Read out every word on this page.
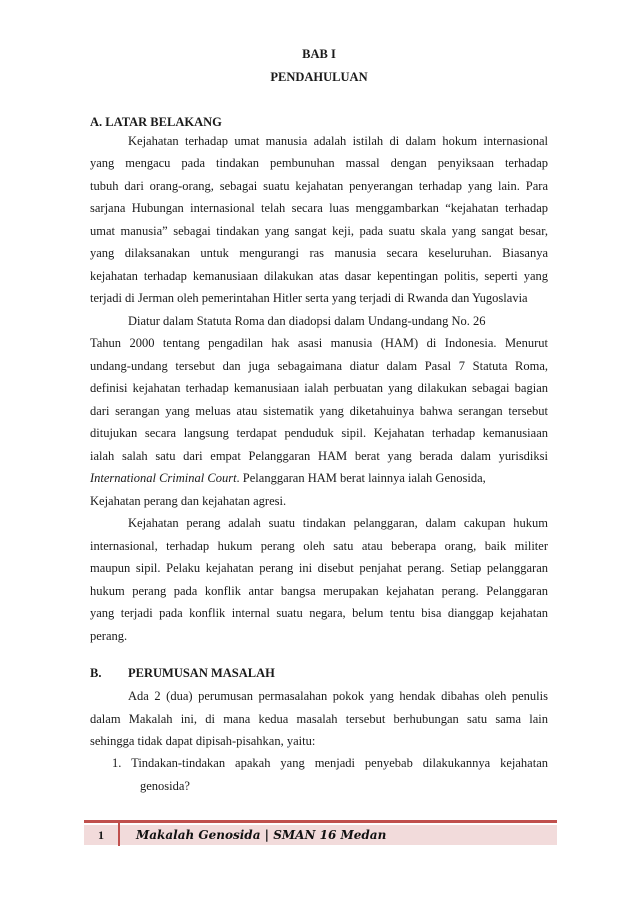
BAB I
PENDAHULUAN
A. LATAR BELAKANG
Kejahatan terhadap umat manusia adalah istilah di dalam hokum internasional
yang mengacu pada tindakan pembunuhan massal dengan penyiksaan terhadap
tubuh dari orang-orang, sebagai suatu kejahatan penyerangan terhadap yang lain. Para
sarjana Hubungan internasional telah secara luas menggambarkan “kejahatan terhadap
umat manusia” sebagai tindakan yang sangat keji, pada suatu skala yang sangat besar,
yang dilaksanakan untuk mengurangi ras manusia secara keseluruhan. Biasanya
kejahatan terhadap kemanusiaan dilakukan atas dasar kepentingan politis, seperti yang
terjadi di Jerman oleh pemerintahan Hitler serta yang terjadi di Rwanda dan Yugoslavia
Diatur dalam Statuta Roma dan diadopsi dalam Undang-undang No. 26
Tahun 2000 tentang pengadilan hak asasi manusia (HAM) di Indonesia. Menurut
undang-undang tersebut dan juga sebagaimana diatur dalam Pasal 7 Statuta Roma,
definisi kejahatan terhadap kemanusiaan ialah perbuatan yang dilakukan sebagai bagian
dari serangan yang meluas atau sistematik yang diketahuinya bahwa serangan tersebut
ditujukan secara langsung terdapat penduduk sipil. Kejahatan terhadap kemanusiaan
ialah salah satu dari empat Pelanggaran HAM berat yang berada dalam yurisdiksi
International Criminal Court. Pelanggaran HAM berat lainnya ialah Genosida,
Kejahatan perang dan kejahatan agresi.
Kejahatan perang adalah suatu tindakan pelanggaran, dalam cakupan hukum
internasional, terhadap hukum perang oleh satu atau beberapa orang, baik militer
maupun sipil. Pelaku kejahatan perang ini disebut penjahat perang. Setiap pelanggaran
hukum perang pada konflik antar bangsa merupakan kejahatan perang. Pelanggaran
yang terjadi pada konflik internal suatu negara, belum tentu bisa dianggap kejahatan
perang.
B. PERUMUSAN MASALAH
Ada 2 (dua) perumusan permasalahan pokok yang hendak dibahas oleh penulis
dalam Makalah ini, di mana kedua masalah tersebut berhubungan satu sama lain
sehingga tidak dapat dipisah-pisahkan, yaitu:
1. Tindakan-tindakan apakah yang menjadi penyebab dilakukannya kejahatan
genosida?
1	Makalah Genosida | SMAN 16 Medan
